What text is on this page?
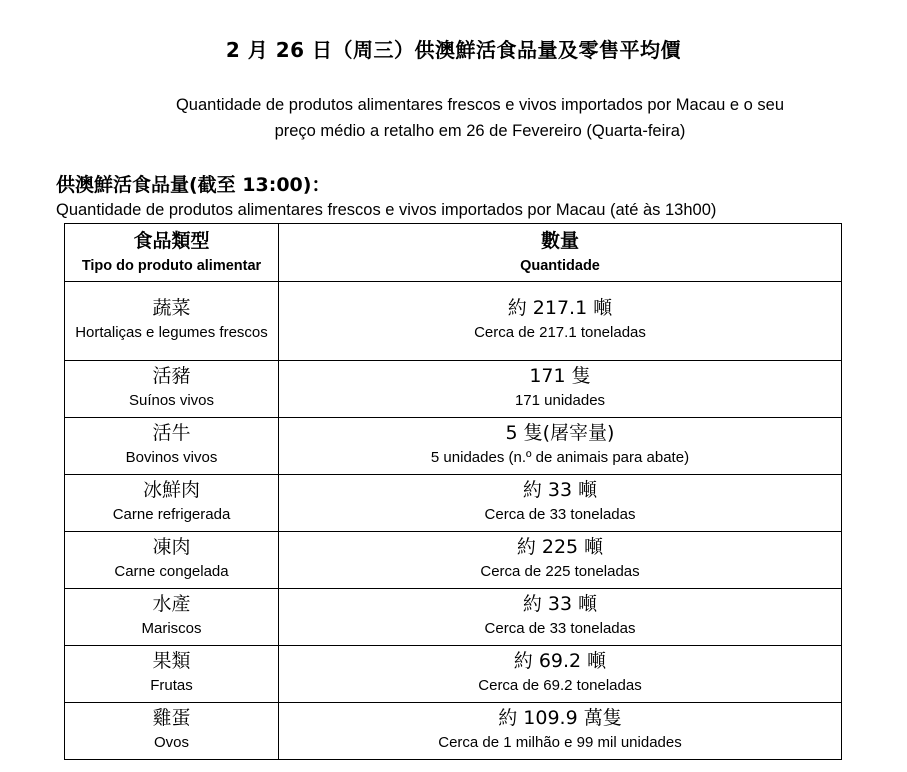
2 月 26 日（周三）供澳鮮活食品量及零售平均價
Quantidade de produtos alimentares frescos e vivos importados por Macau e o seu
preço médio a retalho em 26 de Fevereiro (Quarta-feira)
供澳鮮活食品量(截至 13:00)：
Quantidade de produtos alimentares frescos e vivos importados por Macau (até às 13h00)
食品類型
Tipo do produto alimentar	數量
Quantidade

蔬菜
Hortaliças e legumes frescos	約 217.1 噸
Cerca de 217.1 toneladas

活豬
Suínos vivos	171 隻
171 unidades

活牛
Bovinos vivos	5 隻(屠宰量)
5 unidades (n.º de animais para abate)

冰鮮肉
Carne refrigerada	約 33 噸
Cerca de 33 toneladas

凍肉
Carne congelada	約 225 噸
Cerca de 225 toneladas

水產
Mariscos	約 33 噸
Cerca de 33 toneladas

果類
Frutas	約 69.2 噸
Cerca de 69.2 toneladas

雞蛋
Ovos	約 109.9 萬隻
Cerca de 1 milhão e 99 mil unidades
